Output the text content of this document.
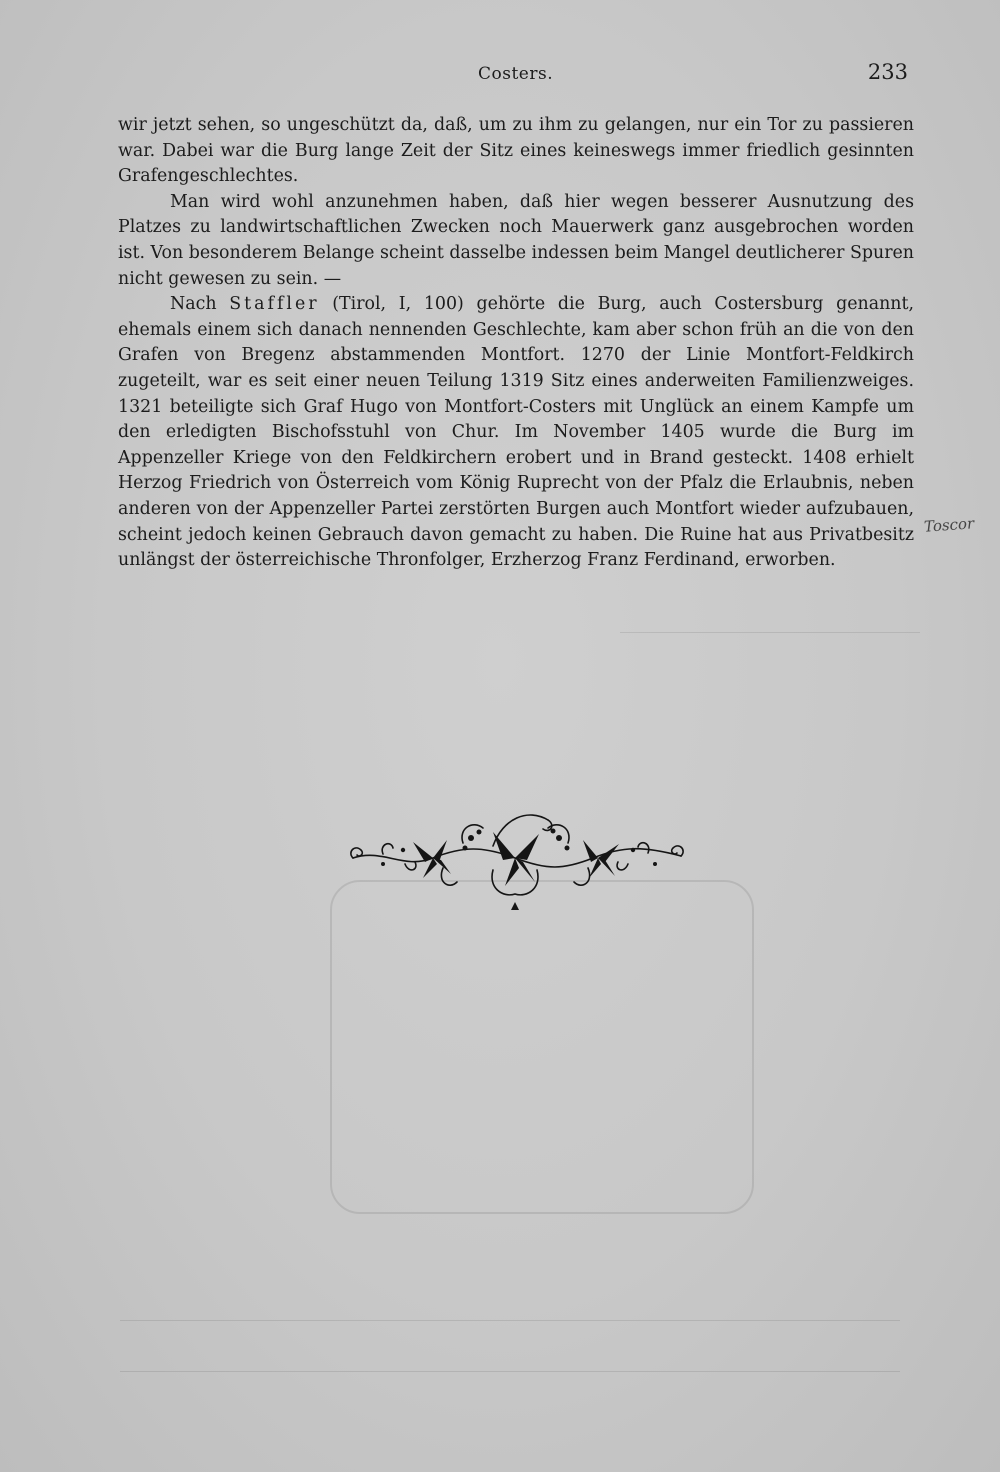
Costers.	233

wir jetzt sehen, so ungeschützt da, daß, um zu ihm zu gelangen, nur ein Tor zu passieren war. Dabei war die Burg lange Zeit der Sitz eines keineswegs immer friedlich gesinnten Grafengeschlechtes.

Man wird wohl anzunehmen haben, daß hier wegen besserer Ausnutzung des Platzes zu landwirtschaftlichen Zwecken noch Mauerwerk ganz ausgebrochen worden ist. Von besonderem Belange scheint dasselbe indessen beim Mangel deutlicherer Spuren nicht gewesen zu sein. —

Nach Staffler (Tirol, I, 100) gehörte die Burg, auch Costersburg genannt, ehemals einem sich danach nennenden Geschlechte, kam aber schon früh an die von den Grafen von Bregenz abstammenden Montfort. 1270 der Linie Montfort-Feldkirch zugeteilt, war es seit einer neuen Teilung 1319 Sitz eines anderweiten Familienzweiges. 1321 beteiligte sich Graf Hugo von Montfort-Costers mit Unglück an einem Kampfe um den erledigten Bischofsstuhl von Chur. Im November 1405 wurde die Burg im Appenzeller Kriege von den Feldkirchern erobert und in Brand gesteckt. 1408 erhielt Herzog Friedrich von Österreich vom König Ruprecht von der Pfalz die Erlaubnis, neben anderen von der Appenzeller Partei zerstörten Burgen auch Montfort wieder aufzubauen, scheint jedoch keinen Gebrauch davon gemacht zu haben. Die Ruine hat aus Privatbesitz unlängst der österreichische Thronfolger, Erzherzog Franz Ferdinand, erworben.

Toscor
